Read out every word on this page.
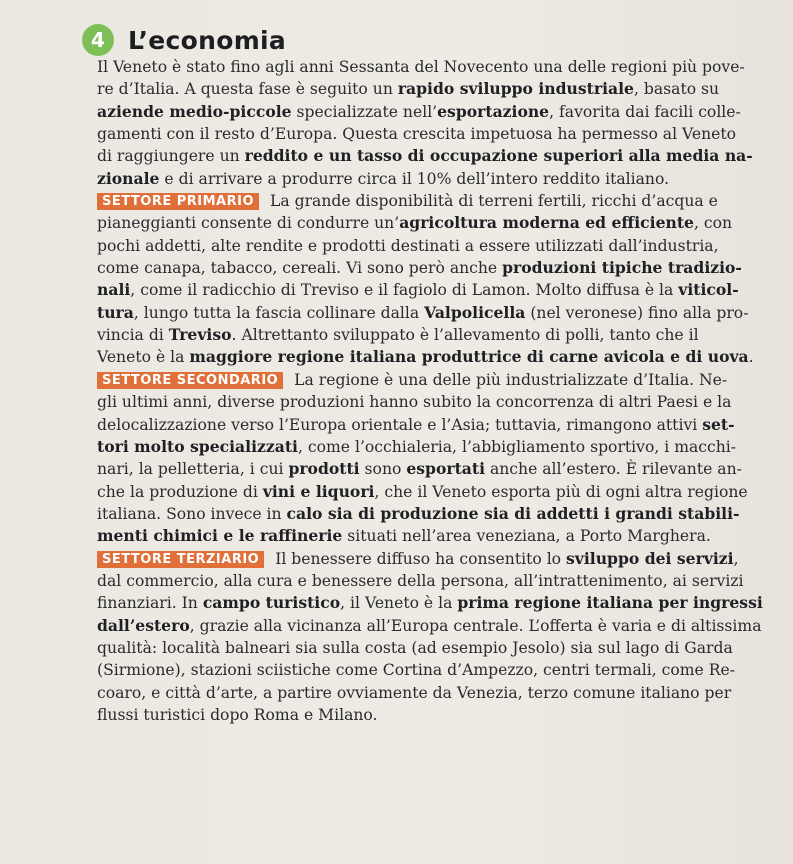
4 L’economia
Il Veneto è stato fino agli anni Sessanta del Novecento una delle regioni più pove-
re d’Italia. A questa fase è seguito un rapido sviluppo industriale, basato su
aziende medio-piccole specializzate nell’esportazione, favorita dai facili colle-
gamenti con il resto d’Europa. Questa crescita impetuosa ha permesso al Veneto
di raggiungere un reddito e un tasso di occupazione superiori alla media na-
zionale e di arrivare a produrre circa il 10% dell’intero reddito italiano.
SETTORE PRIMARIO La grande disponibilità di terreni fertili, ricchi d’acqua e
pianeggianti consente di condurre un’agricoltura moderna ed efficiente, con
pochi addetti, alte rendite e prodotti destinati a essere utilizzati dall’industria,
come canapa, tabacco, cereali. Vi sono però anche produzioni tipiche tradizio-
nali, come il radicchio di Treviso e il fagiolo di Lamon. Molto diffusa è la viticol-
tura, lungo tutta la fascia collinare dalla Valpolicella (nel veronese) fino alla pro-
vincia di Treviso. Altrettanto sviluppato è l’allevamento di polli, tanto che il
Veneto è la maggiore regione italiana produttrice di carne avicola e di uova.
SETTORE SECONDARIO La regione è una delle più industrializzate d’Italia. Ne-
gli ultimi anni, diverse produzioni hanno subito la concorrenza di altri Paesi e la
delocalizzazione verso l’Europa orientale e l’Asia; tuttavia, rimangono attivi set-
tori molto specializzati, come l’occhialeria, l’abbigliamento sportivo, i macchi-
nari, la pelletteria, i cui prodotti sono esportati anche all’estero. È rilevante an-
che la produzione di vini e liquori, che il Veneto esporta più di ogni altra regione
italiana. Sono invece in calo sia di produzione sia di addetti i grandi stabili-
menti chimici e le raffinerie situati nell’area veneziana, a Porto Marghera.
SETTORE TERZIARIO Il benessere diffuso ha consentito lo sviluppo dei servizi,
dal commercio, alla cura e benessere della persona, all’intrattenimento, ai servizi
finanziari. In campo turistico, il Veneto è la prima regione italiana per ingressi
dall’estero, grazie alla vicinanza all’Europa centrale. L’offerta è varia e di altissima
qualità: località balneari sia sulla costa (ad esempio Jesolo) sia sul lago di Garda
(Sirmione), stazioni sciistiche come Cortina d’Ampezzo, centri termali, come Re-
coaro, e città d’arte, a partire ovviamente da Venezia, terzo comune italiano per
flussi turistici dopo Roma e Milano.
